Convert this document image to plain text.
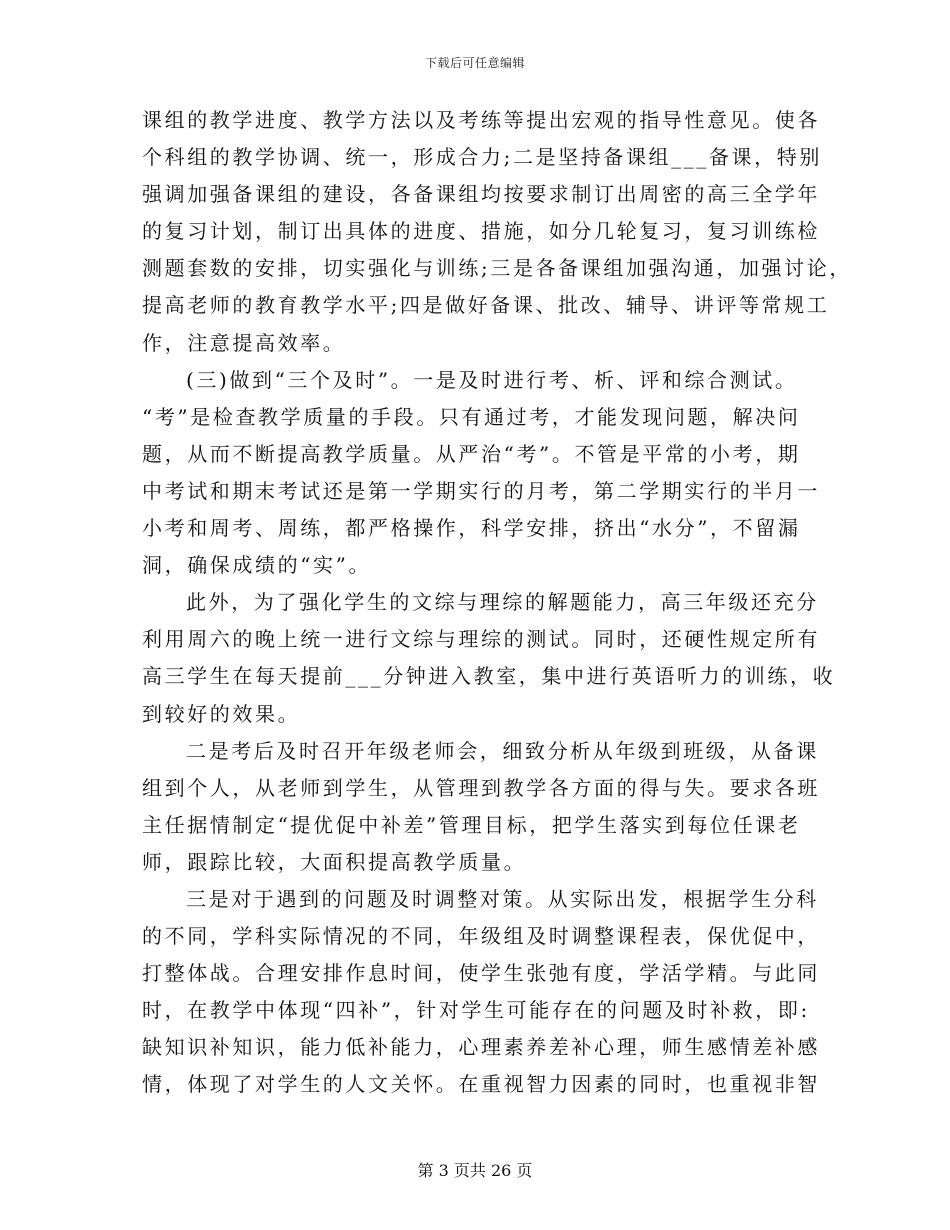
下载后可任意编辑
课组的教学进度、教学方法以及考练等提出宏观的指导性意见。使各
个科组的教学协调、统一，形成合力;二是坚持备课组___备课，特别
强调加强备课组的建设，各备课组均按要求制订出周密的高三全学年
的复习计划，制订出具体的进度、措施，如分几轮复习，复习训练检
测题套数的安排，切实强化与训练;三是各备课组加强沟通，加强讨论，
提高老师的教育教学水平;四是做好备课、批改、辅导、讲评等常规工
作，注意提高效率。
(三)做到“三个及时”。一是及时进行考、析、评和综合测试。
“考”是检查教学质量的手段。只有通过考，才能发现问题，解决问
题，从而不断提高教学质量。从严治“考”。不管是平常的小考，期
中考试和期末考试还是第一学期实行的月考，第二学期实行的半月一
小考和周考、周练，都严格操作，科学安排，挤出“水分”，不留漏
洞，确保成绩的“实”。
此外，为了强化学生的文综与理综的解题能力，高三年级还充分
利用周六的晚上统一进行文综与理综的测试。同时，还硬性规定所有
高三学生在每天提前___分钟进入教室，集中进行英语听力的训练，收
到较好的效果。
二是考后及时召开年级老师会，细致分析从年级到班级，从备课
组到个人，从老师到学生，从管理到教学各方面的得与失。要求各班
主任据情制定“提优促中补差”管理目标，把学生落实到每位任课老
师，跟踪比较，大面积提高教学质量。
三是对于遇到的问题及时调整对策。从实际出发，根据学生分科
的不同，学科实际情况的不同，年级组及时调整课程表，保优促中，
打整体战。合理安排作息时间，使学生张弛有度，学活学精。与此同
时，在教学中体现“四补”，针对学生可能存在的问题及时补救，即:
缺知识补知识，能力低补能力，心理素养差补心理，师生感情差补感
情，体现了对学生的人文关怀。在重视智力因素的同时，也重视非智
第 3 页共 26 页
